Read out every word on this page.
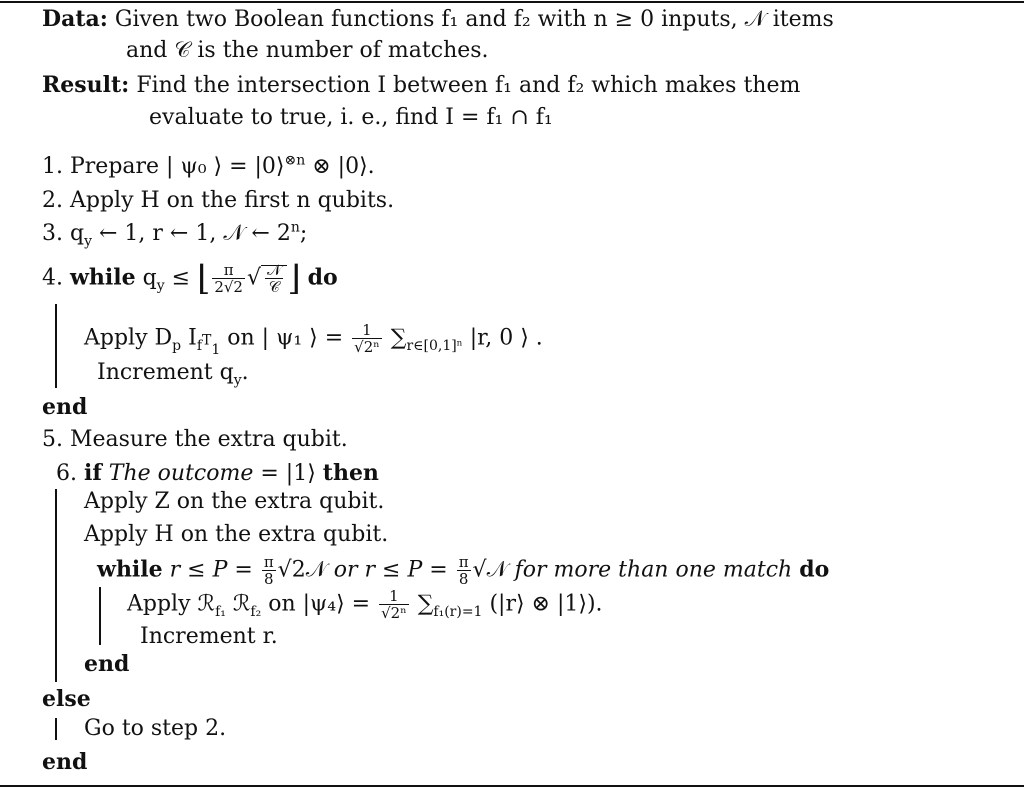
Data: Given two Boolean functions f₁ and f₂ with n ≥ 0 inputs, 𝒩 items
and 𝒞 is the number of matches.
Result: Find the intersection I between f₁ and f₂ which makes them
evaluate to true, i. e., find I = f₁ ∩ f₁
1. Prepare | ψ₀ ⟩ = |0⟩$^{\otimes n}$ ⊗ |0⟩.
2. Apply H on the first n qubits.
3. $q_y$ ← 1, r ← 1, 𝒩 ← 2$^n$;
4. while $q_y$ ≤ ⌊ $\frac{\pi}{2√2}$ √ $\frac{\text{𝒩}}{\text{𝒞}}$ ⌋ do
Apply $D_p$ $I_{f^T_1}$ on | ψ₁ ⟩ = $\frac{1}{\text{√2ⁿ}} \sum_{r\in[0,1]^n}$ |r, 0 ⟩ .
Increment $q_y$.
end
5. Measure the extra qubit.
6. if The outcome = |1⟩ then
Apply Z on the extra qubit.
Apply H on the extra qubit.
while $r \le P = \frac{\pi}{8}$ √2𝒩 or $r \le P = \frac{\pi}{8}$ √𝒩 for more than one match do
Apply ℛ$_{f_1}$ ℛ$_{f_2}$ on |ψ₄⟩ = $\frac{1}{\text{√2ⁿ}} \sum_{f_1(r)=1}$ (|r⟩ ⊗ |1⟩).
Increment r.
end
else
Go to step 2.
end
